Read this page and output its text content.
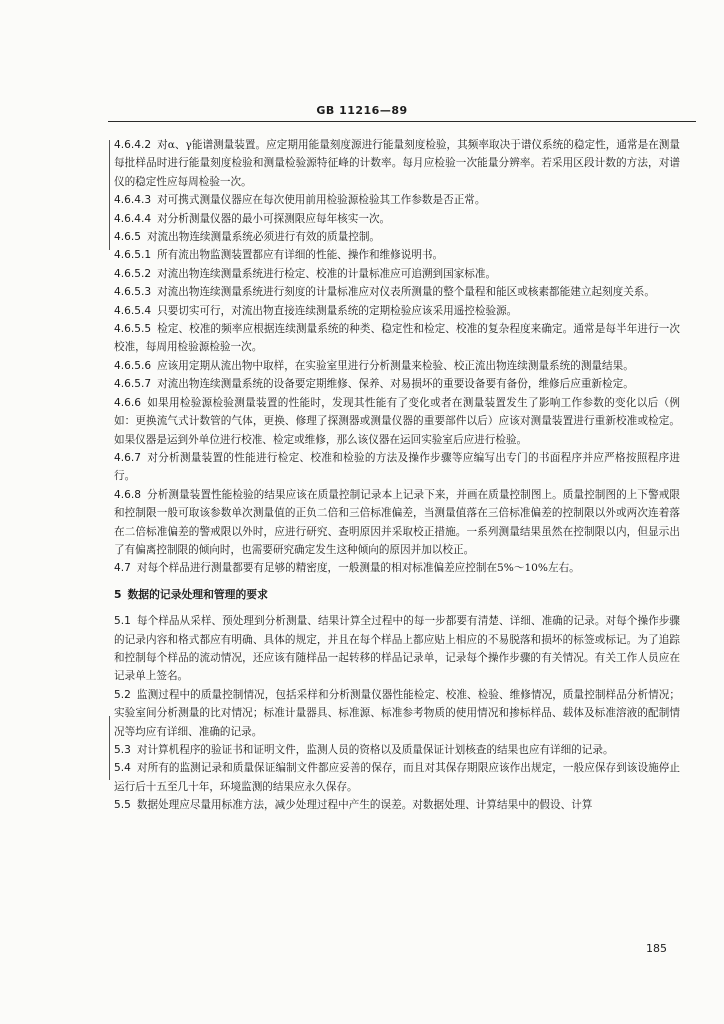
GB 11216—89

4.6.4.2 对α、γ能谱测量装置。应定期用能量刻度源进行能量刻度检验，其频率取决于谱仪系统的稳定性，通常是在测量每批样品时进行能量刻度检验和测量检验源特征峰的计数率。每月应检验一次能量分辨率。若采用区段计数的方法，对谱仪的稳定性应每周检验一次。

4.6.4.3 对可携式测量仪器应在每次使用前用检验源检验其工作参数是否正常。

4.6.4.4 对分析测量仪器的最小可探测限应每年核实一次。

4.6.5 对流出物连续测量系统必须进行有效的质量控制。

4.6.5.1 所有流出物监测装置都应有详细的性能、操作和维修说明书。

4.6.5.2 对流出物连续测量系统进行检定、校准的计量标准应可追溯到国家标准。

4.6.5.3 对流出物连续测量系统进行刻度的计量标准应对仪表所测量的整个量程和能区或核素都能建立起刻度关系。

4.6.5.4 只要切实可行，对流出物直接连续测量系统的定期检验应该采用遥控检验源。

4.6.5.5 检定、校准的频率应根据连续测量系统的种类、稳定性和检定、校准的复杂程度来确定。通常是每半年进行一次校准，每周用检验源检验一次。

4.6.5.6 应该用定期从流出物中取样，在实验室里进行分析测量来检验、校正流出物连续测量系统的测量结果。

4.6.5.7 对流出物连续测量系统的设备要定期维修、保养、对易损坏的重要设备要有备份，维修后应重新检定。

4.6.6 如果用检验源检验测量装置的性能时，发现其性能有了变化或者在测量装置发生了影响工作参数的变化以后（例如：更换流气式计数管的气体，更换、修理了探测器或测量仪器的重要部件以后）应该对测量装置进行重新校准或检定。如果仪器是运到外单位进行校准、检定或维修，那么该仪器在运回实验室后应进行检验。

4.6.7 对分析测量装置的性能进行检定、校准和检验的方法及操作步骤等应编写出专门的书面程序并应严格按照程序进行。

4.6.8 分析测量装置性能检验的结果应该在质量控制记录本上记录下来，并画在质量控制图上。质量控制图的上下警戒限和控制限一般可取该参数单次测量值的正负二倍和三倍标准偏差，当测量值落在三倍标准偏差的控制限以外或两次连着落在二倍标准偏差的警戒限以外时，应进行研究、查明原因并采取校正措施。一系列测量结果虽然在控制限以内，但显示出了有偏离控制限的倾向时，也需要研究确定发生这种倾向的原因并加以校正。

4.7 对每个样品进行测量都要有足够的精密度，一般测量的相对标准偏差应控制在5%～10%左右。

5 数据的记录处理和管理的要求

5.1 每个样品从采样、预处理到分析测量、结果计算全过程中的每一步都要有清楚、详细、准确的记录。对每个操作步骤的记录内容和格式都应有明确、具体的规定，并且在每个样品上都应贴上相应的不易脱落和损坏的标签或标记。为了追踪和控制每个样品的流动情况，还应该有随样品一起转移的样品记录单，记录每个操作步骤的有关情况。有关工作人员应在记录单上签名。

5.2 监测过程中的质量控制情况，包括采样和分析测量仪器性能检定、校准、检验、维修情况，质量控制样品分析情况；实验室间分析测量的比对情况；标准计量器具、标准源、标准参考物质的使用情况和掺标样品、载体及标准溶液的配制情况等均应有详细、准确的记录。

5.3 对计算机程序的验证书和证明文件，监测人员的资格以及质量保证计划核查的结果也应有详细的记录。

5.4 对所有的监测记录和质量保证编制文件都应妥善的保存，而且对其保存期限应该作出规定，一般应保存到该设施停止运行后十五至几十年，环境监测的结果应永久保存。

5.5 数据处理应尽量用标准方法，减少处理过程中产生的误差。对数据处理、计算结果中的假设、计算

185
